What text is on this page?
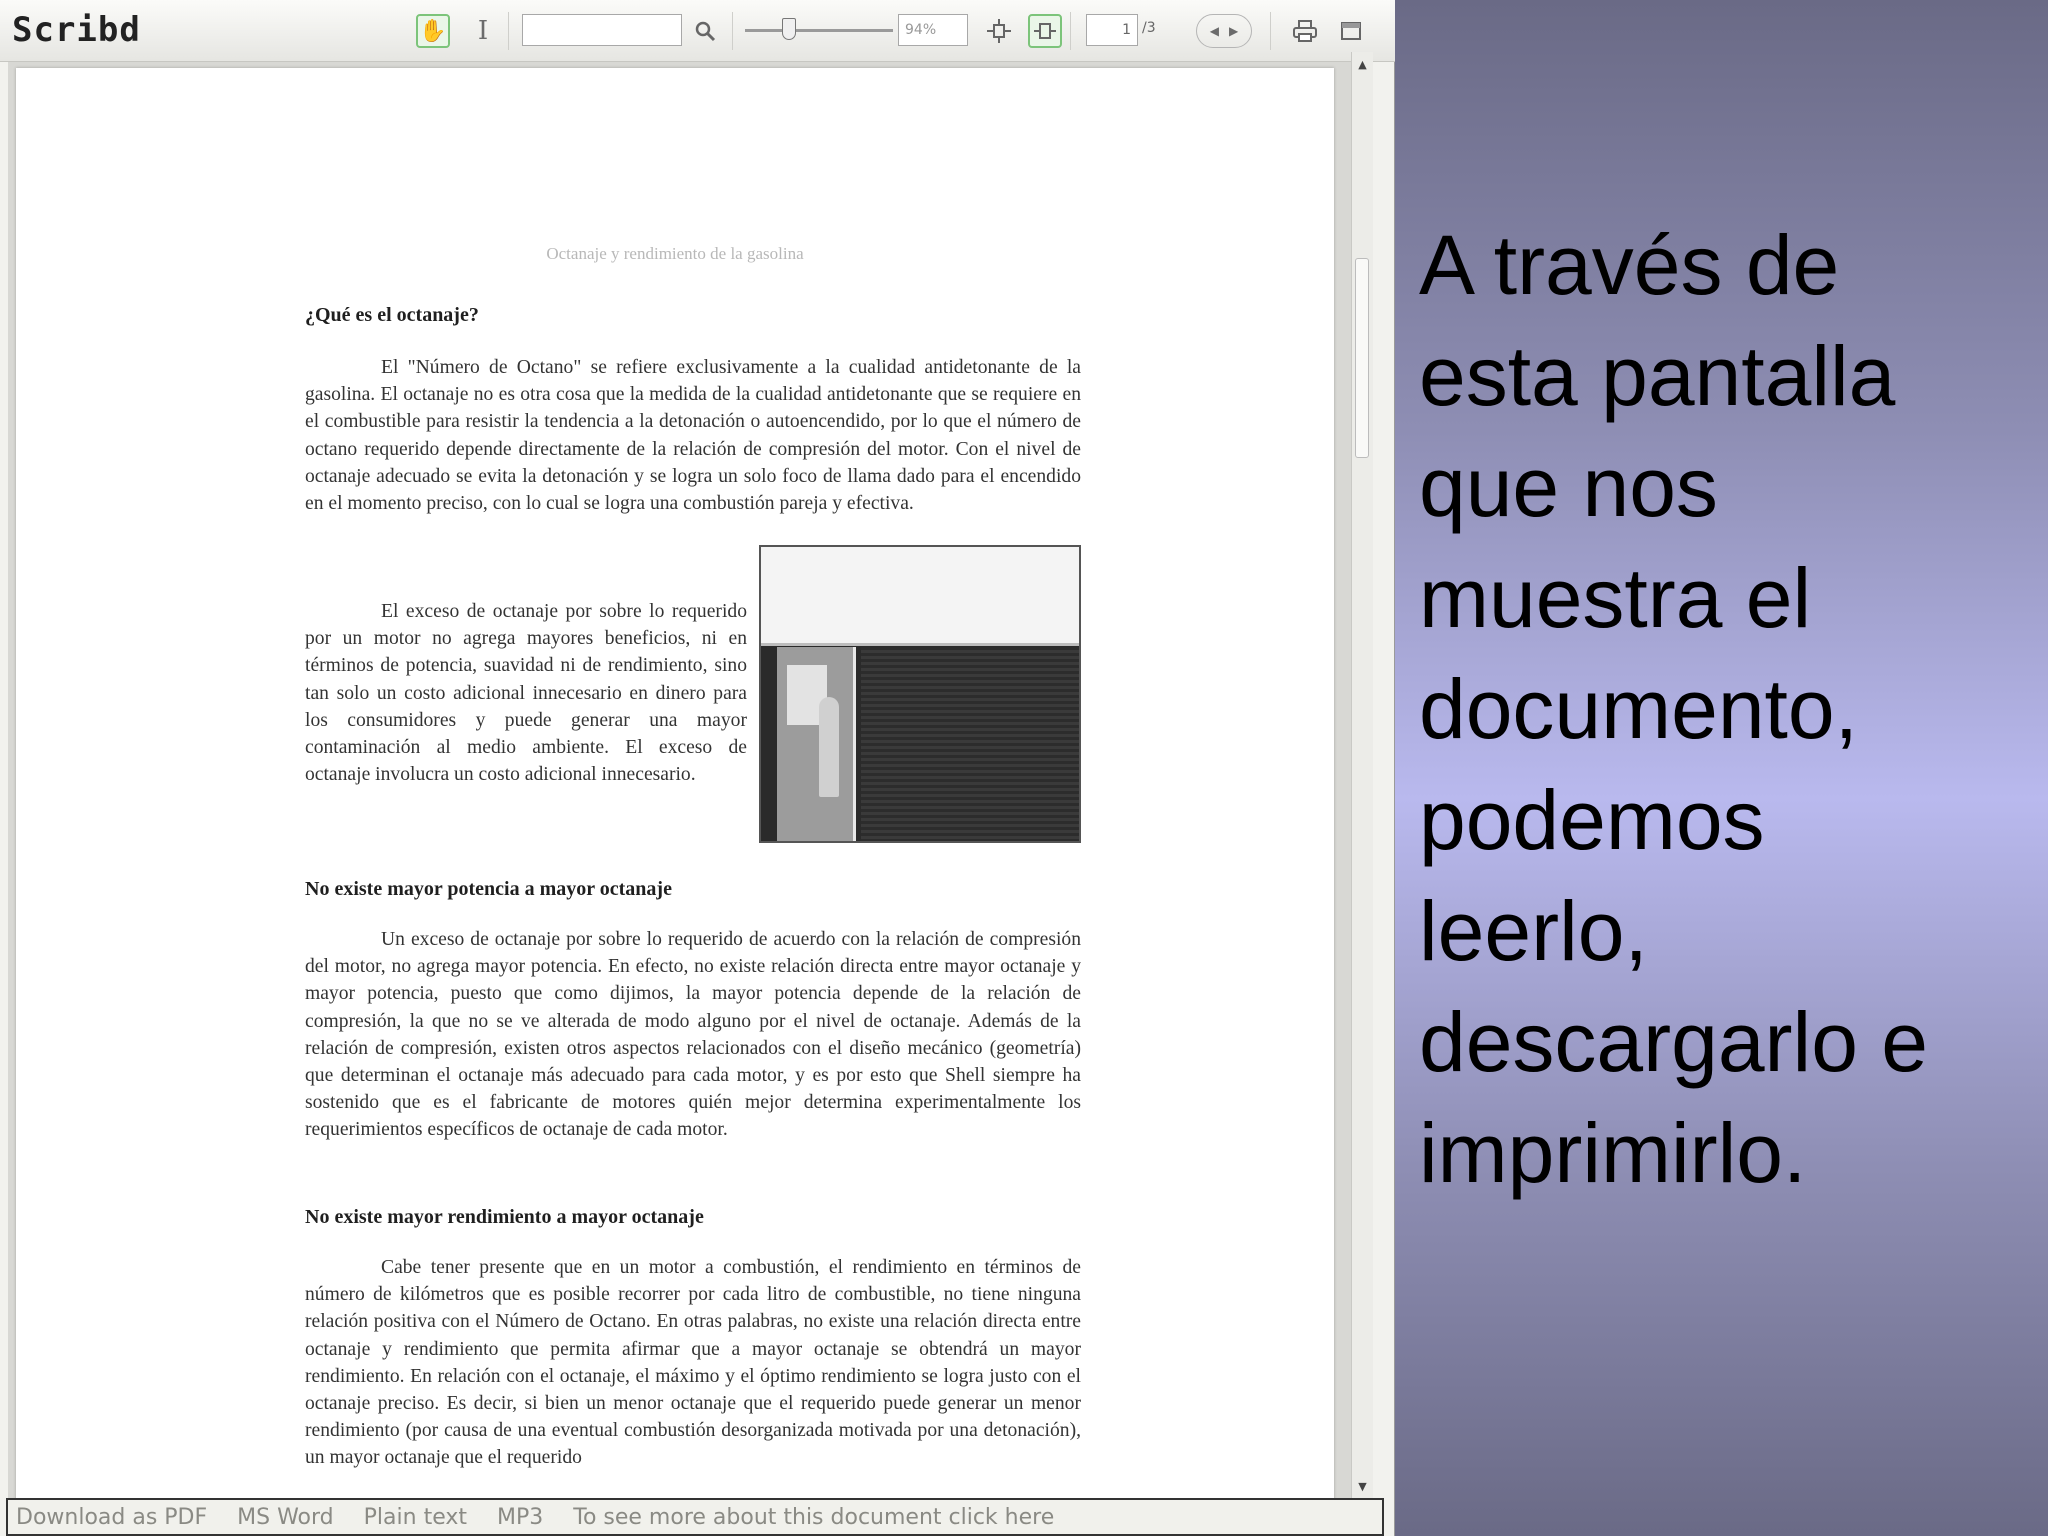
Scribd	✋ I
94%
1	/3	◀ ▶
Octanaje y rendimiento de la gasolina
¿Qué es el octanaje?

El "Número de Octano" se refiere exclusivamente a la cualidad antidetonante de la gasolina. El octanaje no es otra cosa que la medida de la cualidad antidetonante que se requiere en el combustible para resistir la tendencia a la detonación o autoencendido, por lo que el número de octano requerido depende directamente de la relación de compresión del motor. Con el nivel de octanaje adecuado se evita la detonación y se logra un solo foco de llama dado para el encendido en el momento preciso, con lo cual se logra una combustión pareja y efectiva.

El exceso de octanaje por sobre lo requerido por un motor no agrega mayores beneficios, ni en términos de potencia, suavidad ni de rendimiento, sino tan solo un costo adicional innecesario en dinero para los consumidores y puede generar una mayor contaminación al medio ambiente. El exceso de octanaje involucra un costo adicional innecesario.

No existe mayor potencia a mayor octanaje

Un exceso de octanaje por sobre lo requerido de acuerdo con la relación de compresión del motor, no agrega mayor potencia. En efecto, no existe relación directa entre mayor octanaje y mayor potencia, puesto que como dijimos, la mayor potencia depende de la relación de compresión, la que no se ve alterada de modo alguno por el nivel de octanaje. Además de la relación de compresión, existen otros aspectos relacionados con el diseño mecánico (geometría) que determinan el octanaje más adecuado para cada motor, y es por esto que Shell siempre ha sostenido que es el fabricante de motores quién mejor determina experimentalmente los requerimientos específicos de octanaje de cada motor.

No existe mayor rendimiento a mayor octanaje

Cabe tener presente que en un motor a combustión, el rendimiento en términos de número de kilómetros que es posible recorrer por cada litro de combustible, no tiene ninguna relación positiva con el Número de Octano. En otras palabras, no existe una relación directa entre octanaje y rendimiento que permita afirmar que a mayor octanaje se obtendrá un mayor rendimiento. En relación con el octanaje, el máximo y el óptimo rendimiento se logra justo con el octanaje preciso. Es decir, si bien un menor octanaje que el requerido puede generar un menor rendimiento (por causa de una eventual combustión desorganizada motivada por una detonación), un mayor octanaje que el requerido

▲
▼
Download as PDF MS Word Plain text MP3 To see more about this document click here

A través de
esta pantalla
que nos
muestra el
documento,
podemos
leerlo,
descargarlo e
imprimirlo.
